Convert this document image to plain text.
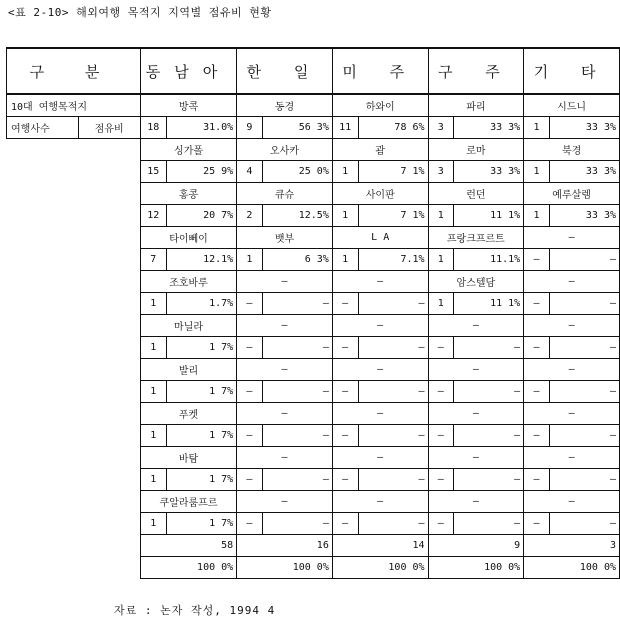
<표 2-10> 해외여행 목적지 지역별 점유비 현황
구 분		동남아		한 일		미 주		구 주		기 타	
10대 여행목적지		방콕		동경		하와이		파리		시드니	
여행사수	점유비	18	31.0%	9	56 3%	11	78 6%	3	33 3%	1	33 3%
		싱가폴		오사카		괌		로마		북경	
		15	25 9%	4	25 0%	1	7 1%	3	33 3%	1	33 3%
		홍콩		큐슈		사이판		런던		예루살렘	
		12	20 7%	2	12.5%	1	7 1%	1	11 1%	1	33 3%
		타이뻬이		뱃부		L A		프랑크프르트		–	
		7	12.1%	1	6 3%	1	7.1%	1	11.1%	–	–
		조호바루		–		–		암스텔담		–	
		1	1.7%	–	–	–	–	1	11 1%	–	–
		마닐라		–		–		–		–	
		1	1 7%	–	–	–	–	–	–	–	–
		발리		–		–		–		–	
		1	1 7%	–	–	–	–	–	–	–	–
		푸켓		–		–		–		–	
		1	1 7%	–	–	–	–	–	–	–	–
		바탐		–		–		–		–	
		1	1 7%	–	–	–	–	–	–	–	–
		쿠알라룸프르		–		–		–		–	
		1	1 7%	–	–	–	–	–	–	–	–
		58		16		14		9		3	
		100 0%		100 0%		100 0%		100 0%		100 0%	
자료 : 논자 작성, 1994 4
